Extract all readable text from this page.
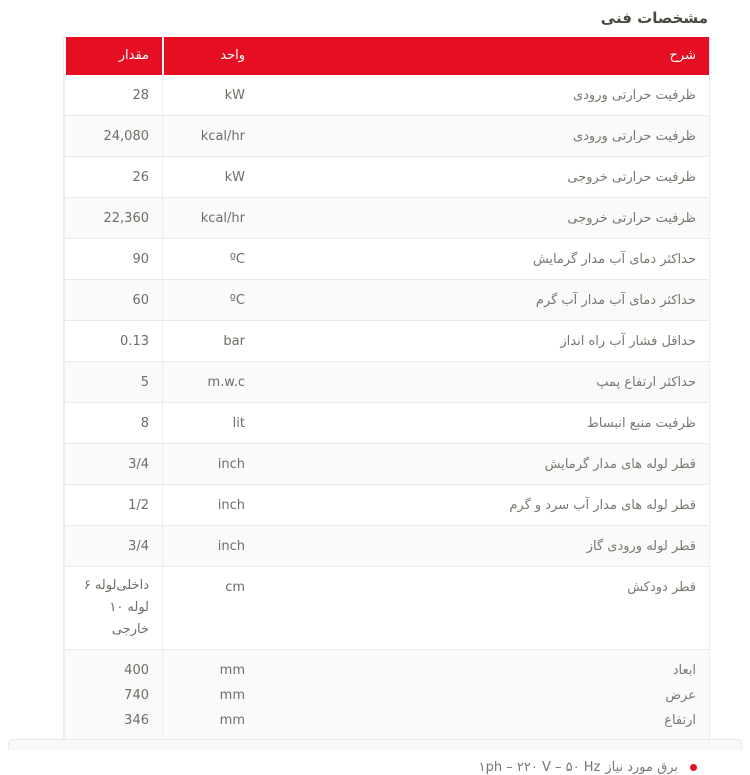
مشخصات فنی
شرح
واحد
مقدار
ظرفیت حرارتی ورودی
kW
28
ظرفیت حرارتی ورودی
kcal/hr
24,080
ظرفیت حرارتی خروجی
kW
26
ظرفیت حرارتی خروجی
kcal/hr
22,360
حداکثر دمای آب مدار گرمایش
ºC
90
حداکثر دمای آب مدار آب گرم
ºC
60
حداقل فشار آب راه انداز
bar
0.13
حداکثر ارتفاع پمپ
m.w.c
5
ظرفیت منبع انبساط
lit
8
قطر لوله های مدار گرمایش
inch
3/4
قطر لوله های مدار آب سرد و گرم
inch
1/2
قطر لوله ورودی گاز
inch
3/4
قطر دودکش
cm
۶ لولهداخلی
۱۰ لولهخارجی
ابعاد
عرض
ارتفاع
mm
mm
mm
400
740
346
برق مورد نیاز
۱ph – ۲۲۰ V – ۵۰ Hz
